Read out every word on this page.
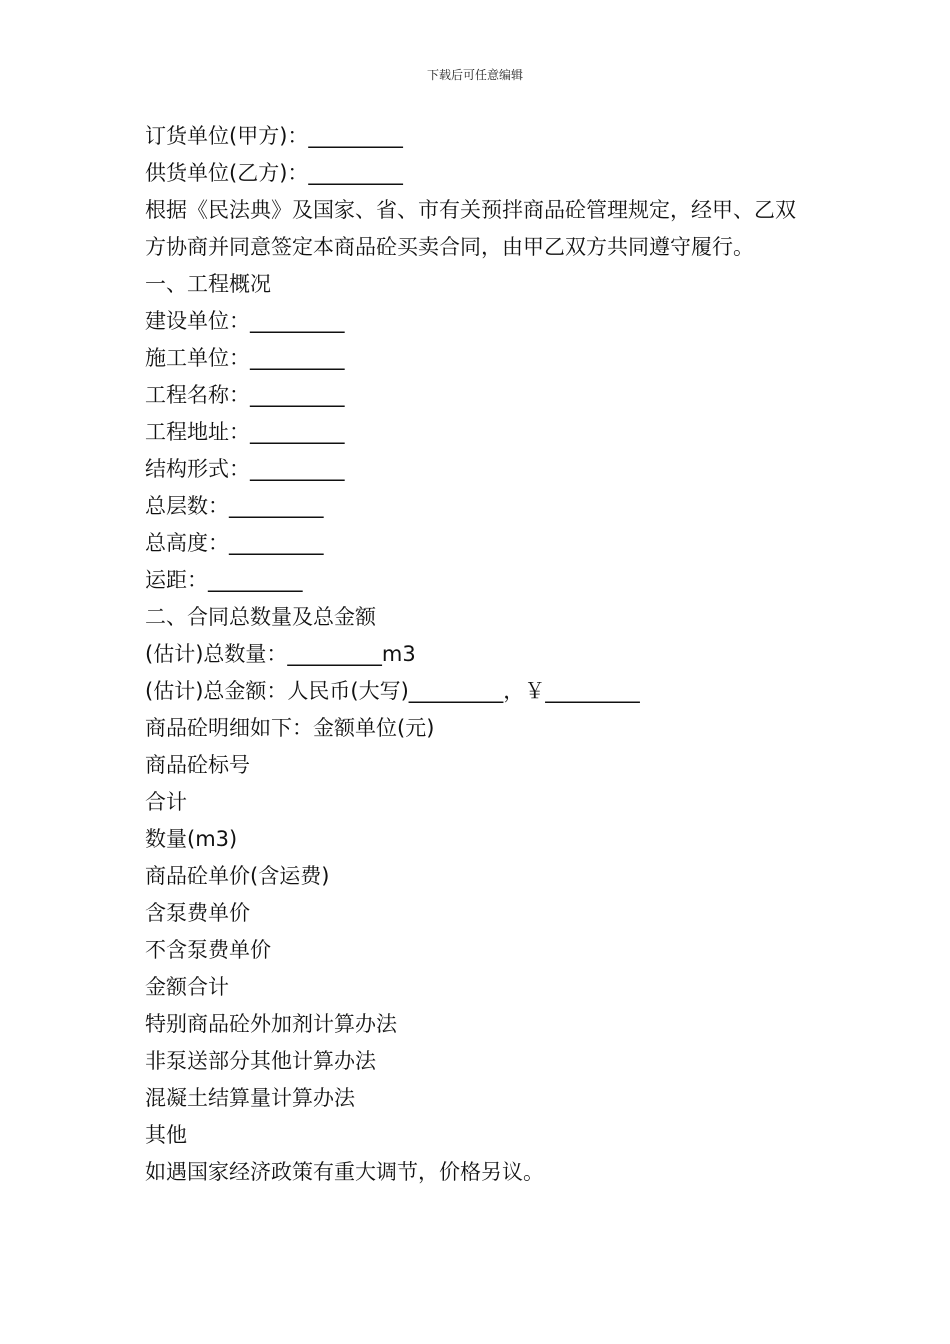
下载后可任意编辑
订货单位(甲方)：_________
供货单位(乙方)：_________
根据《民法典》及国家、省、市有关预拌商品砼管理规定，经甲、乙双方协商并同意签定本商品砼买卖合同，由甲乙双方共同遵守履行。
一、工程概况
建设单位：_________
施工单位：_________
工程名称：_________
工程地址：_________
结构形式：_________
总层数：_________
总高度：_________
运距：_________
二、合同总数量及总金额
(估计)总数量：_________m3
(估计)总金额：人民币(大写)_________，￥_________
商品砼明细如下：金额单位(元)
商品砼标号
合计
数量(m3)
商品砼单价(含运费)
含泵费单价
不含泵费单价
金额合计
特别商品砼外加剂计算办法
非泵送部分其他计算办法
混凝土结算量计算办法
其他
如遇国家经济政策有重大调节，价格另议。
